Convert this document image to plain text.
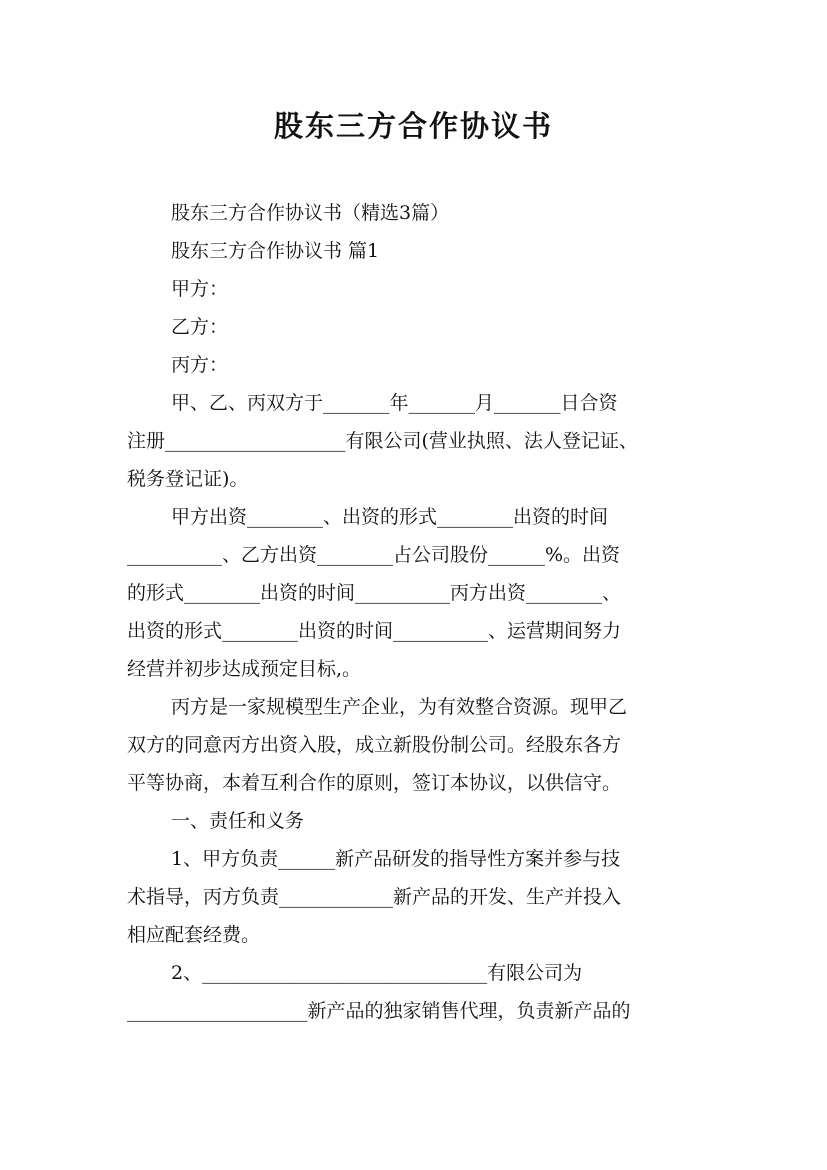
股东三方合作协议书
股东三方合作协议书（精选3篇）
股东三方合作协议书 篇1
甲方：
乙方：
丙方：
甲、乙、丙双方于_______年_______月_______日合资
注册___________________有限公司(营业执照、法人登记证、
税务登记证)。
甲方出资________、出资的形式________出资的时间
__________、乙方出资________占公司股份______%。出资
的形式________出资的时间__________丙方出资________、
出资的形式________出资的时间__________、运营期间努力
经营并初步达成预定目标,。
丙方是一家规模型生产企业，为有效整合资源。现甲乙
双方的同意丙方出资入股，成立新股份制公司。经股东各方
平等协商，本着互利合作的原则，签订本协议，以供信守。
一、责任和义务
1、甲方负责______新产品研发的指导性方案并参与技
术指导，丙方负责____________新产品的开发、生产并投入
相应配套经费。
2、______________________________有限公司为
___________________新产品的独家销售代理，负责新产品的
